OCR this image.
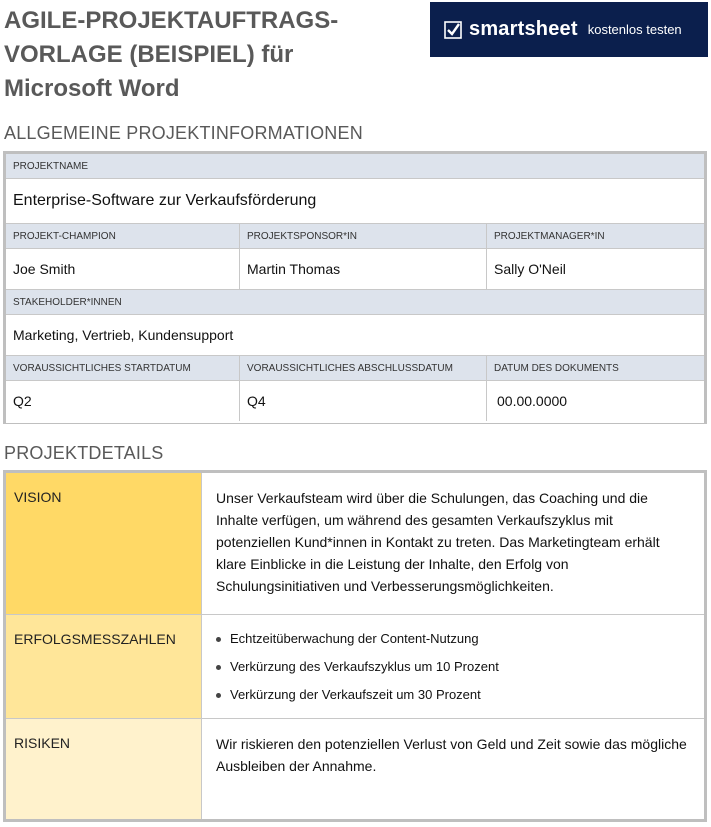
AGILE-PROJEKTAUFTRAGS-
VORLAGE (BEISPIEL) für
Microsoft Word
smartsheet kostenlos testen
ALLGEMEINE PROJEKTINFORMATIONEN
PROJEKTNAME
Enterprise-Software zur Verkaufsförderung
PROJEKT-CHAMPION	PROJEKTSPONSOR*IN	PROJEKTMANAGER*IN
Joe Smith	Martin Thomas	Sally O'Neil
STAKEHOLDER*INNEN
Marketing, Vertrieb, Kundensupport
VORAUSSICHTLICHES STARTDATUM	VORAUSSICHTLICHES ABSCHLUSSDATUM	DATUM DES DOKUMENTS
Q2	Q4	00.00.0000
PROJEKTDETAILS
VISION	Unser Verkaufsteam wird über die Schulungen, das Coaching und die Inhalte verfügen, um während des gesamten Verkaufszyklus mit potenziellen Kund*innen in Kontakt zu treten. Das Marketingteam erhält klare Einblicke in die Leistung der Inhalte, den Erfolg von Schulungsinitiativen und Verbesserungsmöglichkeiten.
ERFOLGSMESSZAHLEN	Echtzeitüberwachung der Content-Nutzung
Verkürzung des Verkaufszyklus um 10 Prozent
Verkürzung der Verkaufszeit um 30 Prozent
RISIKEN	Wir riskieren den potenziellen Verlust von Geld und Zeit sowie das mögliche Ausbleiben der Annahme.
